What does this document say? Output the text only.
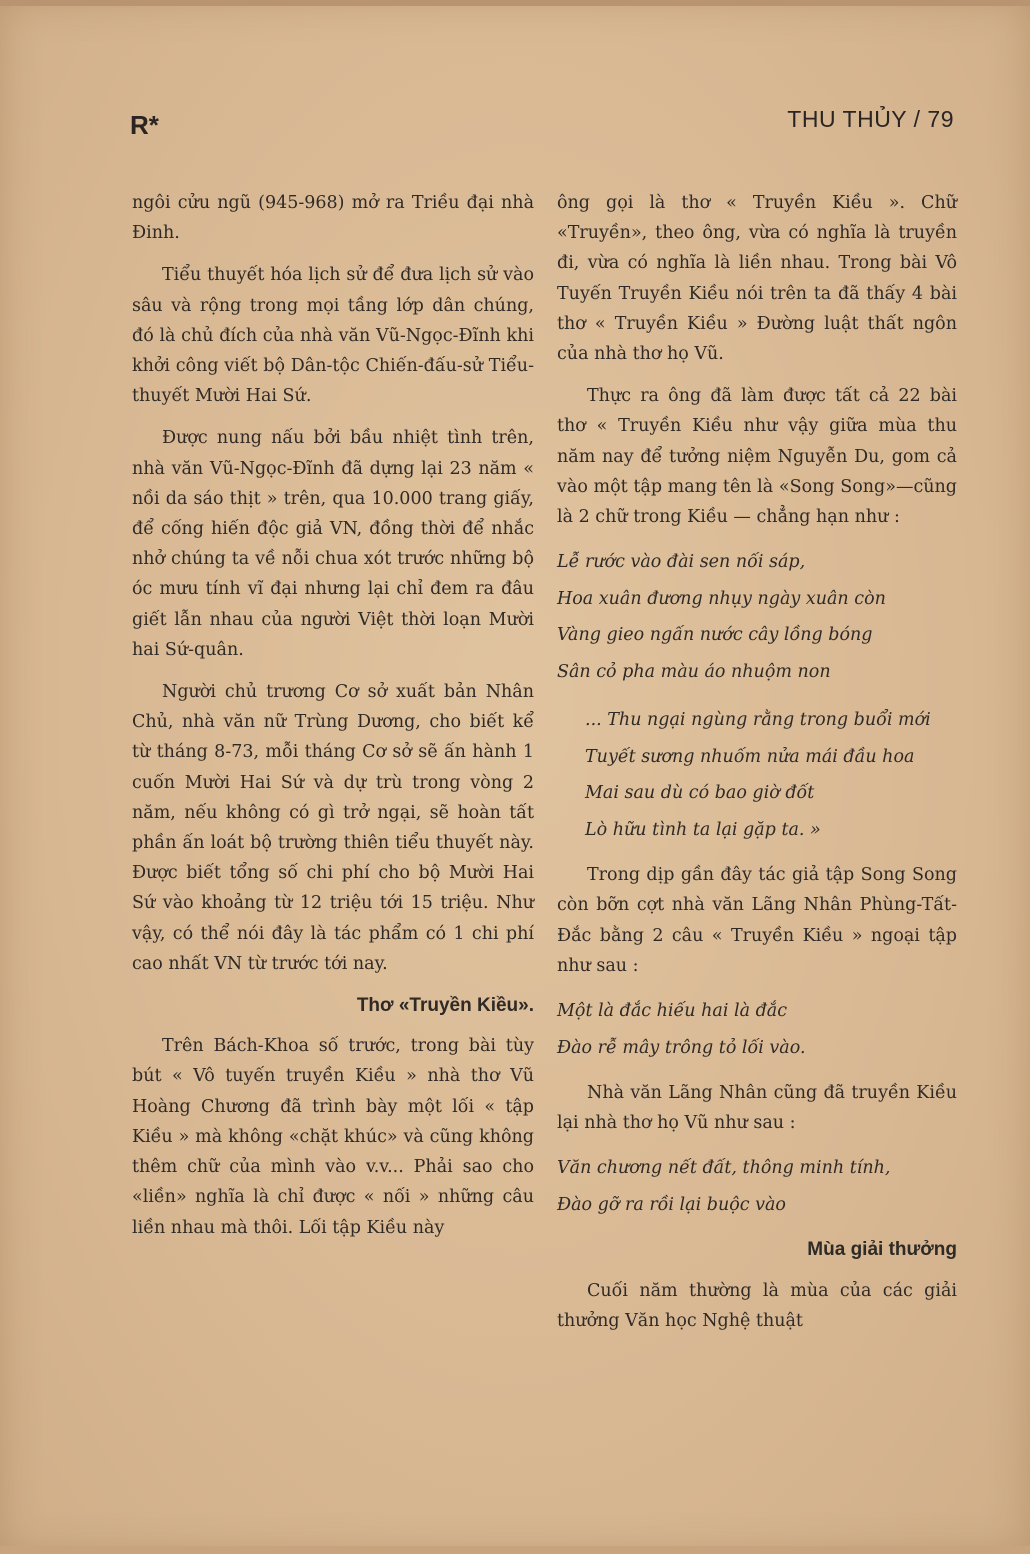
R*	THU THỦY / 79

ngôi cửu ngũ (945-968) mở ra Triều đại nhà Đinh.

Tiểu thuyết hóa lịch sử để đưa lịch sử vào sâu và rộng trong mọi tầng lớp dân chúng, đó là chủ đích của nhà văn Vũ-Ngọc-Đĩnh khi khởi công viết bộ Dân-tộc Chiến-đấu-sử Tiểu-thuyết Mười Hai Sứ.

Được nung nấu bởi bầu nhiệt tình trên, nhà văn Vũ-Ngọc-Đĩnh đã dựng lại 23 năm « nồi da sáo thịt » trên, qua 10.000 trang giấy, để cống hiến độc giả VN, đồng thời để nhắc nhở chúng ta về nỗi chua xót trước những bộ óc mưu tính vĩ đại nhưng lại chỉ đem ra đâu giết lẫn nhau của người Việt thời loạn Mười hai Sứ-quân.

Người chủ trương Cơ sở xuất bản Nhân Chủ, nhà văn nữ Trùng Dương, cho biết kể từ tháng 8-73, mỗi tháng Cơ sở sẽ ấn hành 1 cuốn Mười Hai Sứ và dự trù trong vòng 2 năm, nếu không có gì trở ngại, sẽ hoàn tất phần ấn loát bộ trường thiên tiểu thuyết này. Được biết tổng số chi phí cho bộ Mười Hai Sứ vào khoảng từ 12 triệu tới 15 triệu. Như vậy, có thể nói đây là tác phẩm có 1 chi phí cao nhất VN từ trước tới nay.

Thơ «Truyền Kiều».

Trên Bách-Khoa số trước, trong bài tùy bút « Vô tuyến truyền Kiều » nhà thơ Vũ Hoàng Chương đã trình bày một lối « tập Kiều » mà không «chặt khúc» và cũng không thêm chữ của mình vào v.v... Phải sao cho «liền» nghĩa là chỉ được « nối » những câu liền nhau mà thôi. Lối tập Kiều này

ông gọi là thơ « Truyền Kiều ». Chữ «Truyền», theo ông, vừa có nghĩa là truyền đi, vừa có nghĩa là liền nhau. Trong bài Vô Tuyến Truyền Kiều nói trên ta đã thấy 4 bài thơ « Truyền Kiều » Đường luật thất ngôn của nhà thơ họ Vũ.

Thực ra ông đã làm được tất cả 22 bài thơ « Truyền Kiều như vậy giữa mùa thu năm nay để tưởng niệm Nguyễn Du, gom cả vào một tập mang tên là «Song Song»—cũng là 2 chữ trong Kiều — chẳng hạn như :

Lễ rước vào đài sen nối sáp,
Hoa xuân đương nhụy ngày xuân còn
Vàng gieo ngấn nước cây lồng bóng
Sân cỏ pha màu áo nhuộm non
... Thu ngại ngùng rằng trong buổi mới
Tuyết sương nhuốm nửa mái đầu hoa
Mai sau dù có bao giờ đốt
Lò hữu tình ta lại gặp ta. »

Trong dịp gần đây tác giả tập Song Song còn bỡn cợt nhà văn Lãng Nhân Phùng-Tất-Đắc bằng 2 câu « Truyền Kiều » ngoại tập như sau :

Một là đắc hiếu hai là đắc
Đào rễ mây trông tỏ lối vào.

Nhà văn Lãng Nhân cũng đã truyền Kiều lại nhà thơ họ Vũ như sau :

Văn chương nết đất, thông minh tính,
Đào gỡ ra rồi lại buộc vào
Mùa giải thưởng

Cuối năm thường là mùa của các giải thưởng Văn học Nghệ thuật
